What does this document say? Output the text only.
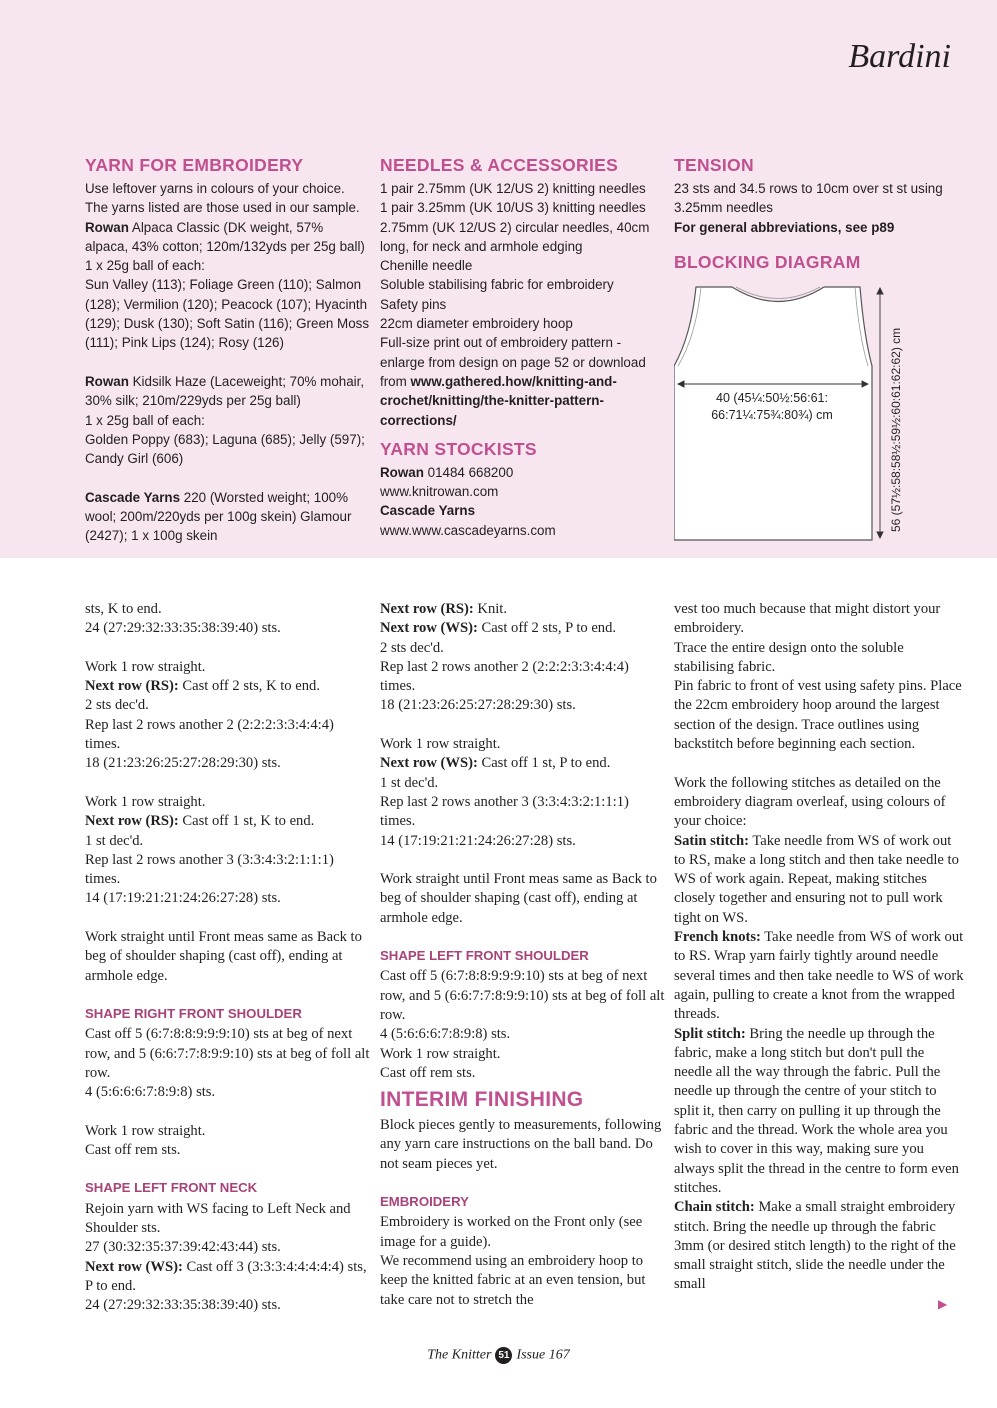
Bardini
YARN FOR EMBROIDERY

Use leftover yarns in colours of your choice.

The yarns listed are those used in our sample.

Rowan Alpaca Classic (DK weight, 57% alpaca, 43% cotton; 120m/132yds per 25g ball)

1 x 25g ball of each:

Sun Valley (113); Foliage Green (110); Salmon (128); Vermilion (120); Peacock (107); Hyacinth (129); Dusk (130); Soft Satin (116); Green Moss (111); Pink Lips (124); Rosy (126)

Rowan Kidsilk Haze (Laceweight; 70% mohair, 30% silk; 210m/229yds per 25g ball)

1 x 25g ball of each:

Golden Poppy (683); Laguna (685); Jelly (597); Candy Girl (606)

Cascade Yarns 220 (Worsted weight; 100% wool; 200m/220yds per 100g skein) Glamour (2427); 1 x 100g skein

NEEDLES & ACCESSORIES

1 pair 2.75mm (UK 12/US 2) knitting needles

1 pair 3.25mm (UK 10/US 3) knitting needles

2.75mm (UK 12/US 2) circular needles, 40cm long, for neck and armhole edging

Chenille needle

Soluble stabilising fabric for embroidery

Safety pins

22cm diameter embroidery hoop

Full-size print out of embroidery pattern - enlarge from design on page 52 or download from www.gathered.how/knitting-and-crochet/knitting/the-knitter-pattern-corrections/

YARN STOCKISTS

Rowan 01484 668200

www.knitrowan.com

Cascade Yarns

www.www.cascadeyarns.com

TENSION

23 sts and 34.5 rows to 10cm over st st using 3.25mm needles

For general abbreviations, see p89

BLOCKING DIAGRAM
40 (45¼:50½:56:61:
66:71¼:75¾:80¾) cm	56 (57½:58:58½:59½:60:61:62:62) cm

sts, K to end.

24 (27:29:32:33:35:38:39:40) sts.

Work 1 row straight.

Next row (RS): Cast off 2 sts, K to end.

2 sts dec'd.

Rep last 2 rows another 2 (2:2:2:3:3:4:4:4) times.

18 (21:23:26:25:27:28:29:30) sts.

Work 1 row straight.

Next row (RS): Cast off 1 st, K to end.

1 st dec'd.

Rep last 2 rows another 3 (3:3:4:3:2:1:1:1) times.

14 (17:19:21:21:24:26:27:28) sts.

Work straight until Front meas same as Back to beg of shoulder shaping (cast off), ending at armhole edge.

SHAPE RIGHT FRONT SHOULDER

Cast off 5 (6:7:8:8:9:9:9:10) sts at beg of next row, and 5 (6:6:7:7:8:9:9:10) sts at beg of foll alt row.

4 (5:6:6:6:7:8:9:8) sts.

Work 1 row straight.

Cast off rem sts.

SHAPE LEFT FRONT NECK

Rejoin yarn with WS facing to Left Neck and Shoulder sts.

27 (30:32:35:37:39:42:43:44) sts.

Next row (WS): Cast off 3 (3:3:3:4:4:4:4:4) sts, P to end.

24 (27:29:32:33:35:38:39:40) sts.

Next row (RS): Knit.

Next row (WS): Cast off 2 sts, P to end.

2 sts dec'd.

Rep last 2 rows another 2 (2:2:2:3:3:4:4:4) times.

18 (21:23:26:25:27:28:29:30) sts.

Work 1 row straight.

Next row (WS): Cast off 1 st, P to end.

1 st dec'd.

Rep last 2 rows another 3 (3:3:4:3:2:1:1:1) times.

14 (17:19:21:21:24:26:27:28) sts.

Work straight until Front meas same as Back to beg of shoulder shaping (cast off), ending at armhole edge.

SHAPE LEFT FRONT SHOULDER

Cast off 5 (6:7:8:8:9:9:9:10) sts at beg of next row, and 5 (6:6:7:7:8:9:9:10) sts at beg of foll alt row.

4 (5:6:6:6:7:8:9:8) sts.

Work 1 row straight.

Cast off rem sts.

INTERIM FINISHING

Block pieces gently to measurements, following any yarn care instructions on the ball band. Do not seam pieces yet.

EMBROIDERY

Embroidery is worked on the Front only (see image for a guide).

We recommend using an embroidery hoop to keep the knitted fabric at an even tension, but take care not to stretch the

vest too much because that might distort your embroidery.

Trace the entire design onto the soluble stabilising fabric.

Pin fabric to front of vest using safety pins. Place the 22cm embroidery hoop around the largest section of the design. Trace outlines using backstitch before beginning each section.

Work the following stitches as detailed on the embroidery diagram overleaf, using colours of your choice:

Satin stitch: Take needle from WS of work out to RS, make a long stitch and then take needle to WS of work again. Repeat, making stitches closely together and ensuring not to pull work tight on WS.

French knots: Take needle from WS of work out to RS. Wrap yarn fairly tightly around needle several times and then take needle to WS of work again, pulling to create a knot from the wrapped threads.

Split stitch: Bring the needle up through the fabric, make a long stitch but don't pull the needle all the way through the fabric. Pull the needle up through the centre of your stitch to split it, then carry on pulling it up through the fabric and the thread. Work the whole area you wish to cover in this way, making sure you always split the thread in the centre to form even stitches.

Chain stitch: Make a small straight embroidery stitch. Bring the needle up through the fabric 3mm (or desired stitch length) to the right of the small straight stitch, slide the needle under the small

▶
The Knitter 51 Issue 167
